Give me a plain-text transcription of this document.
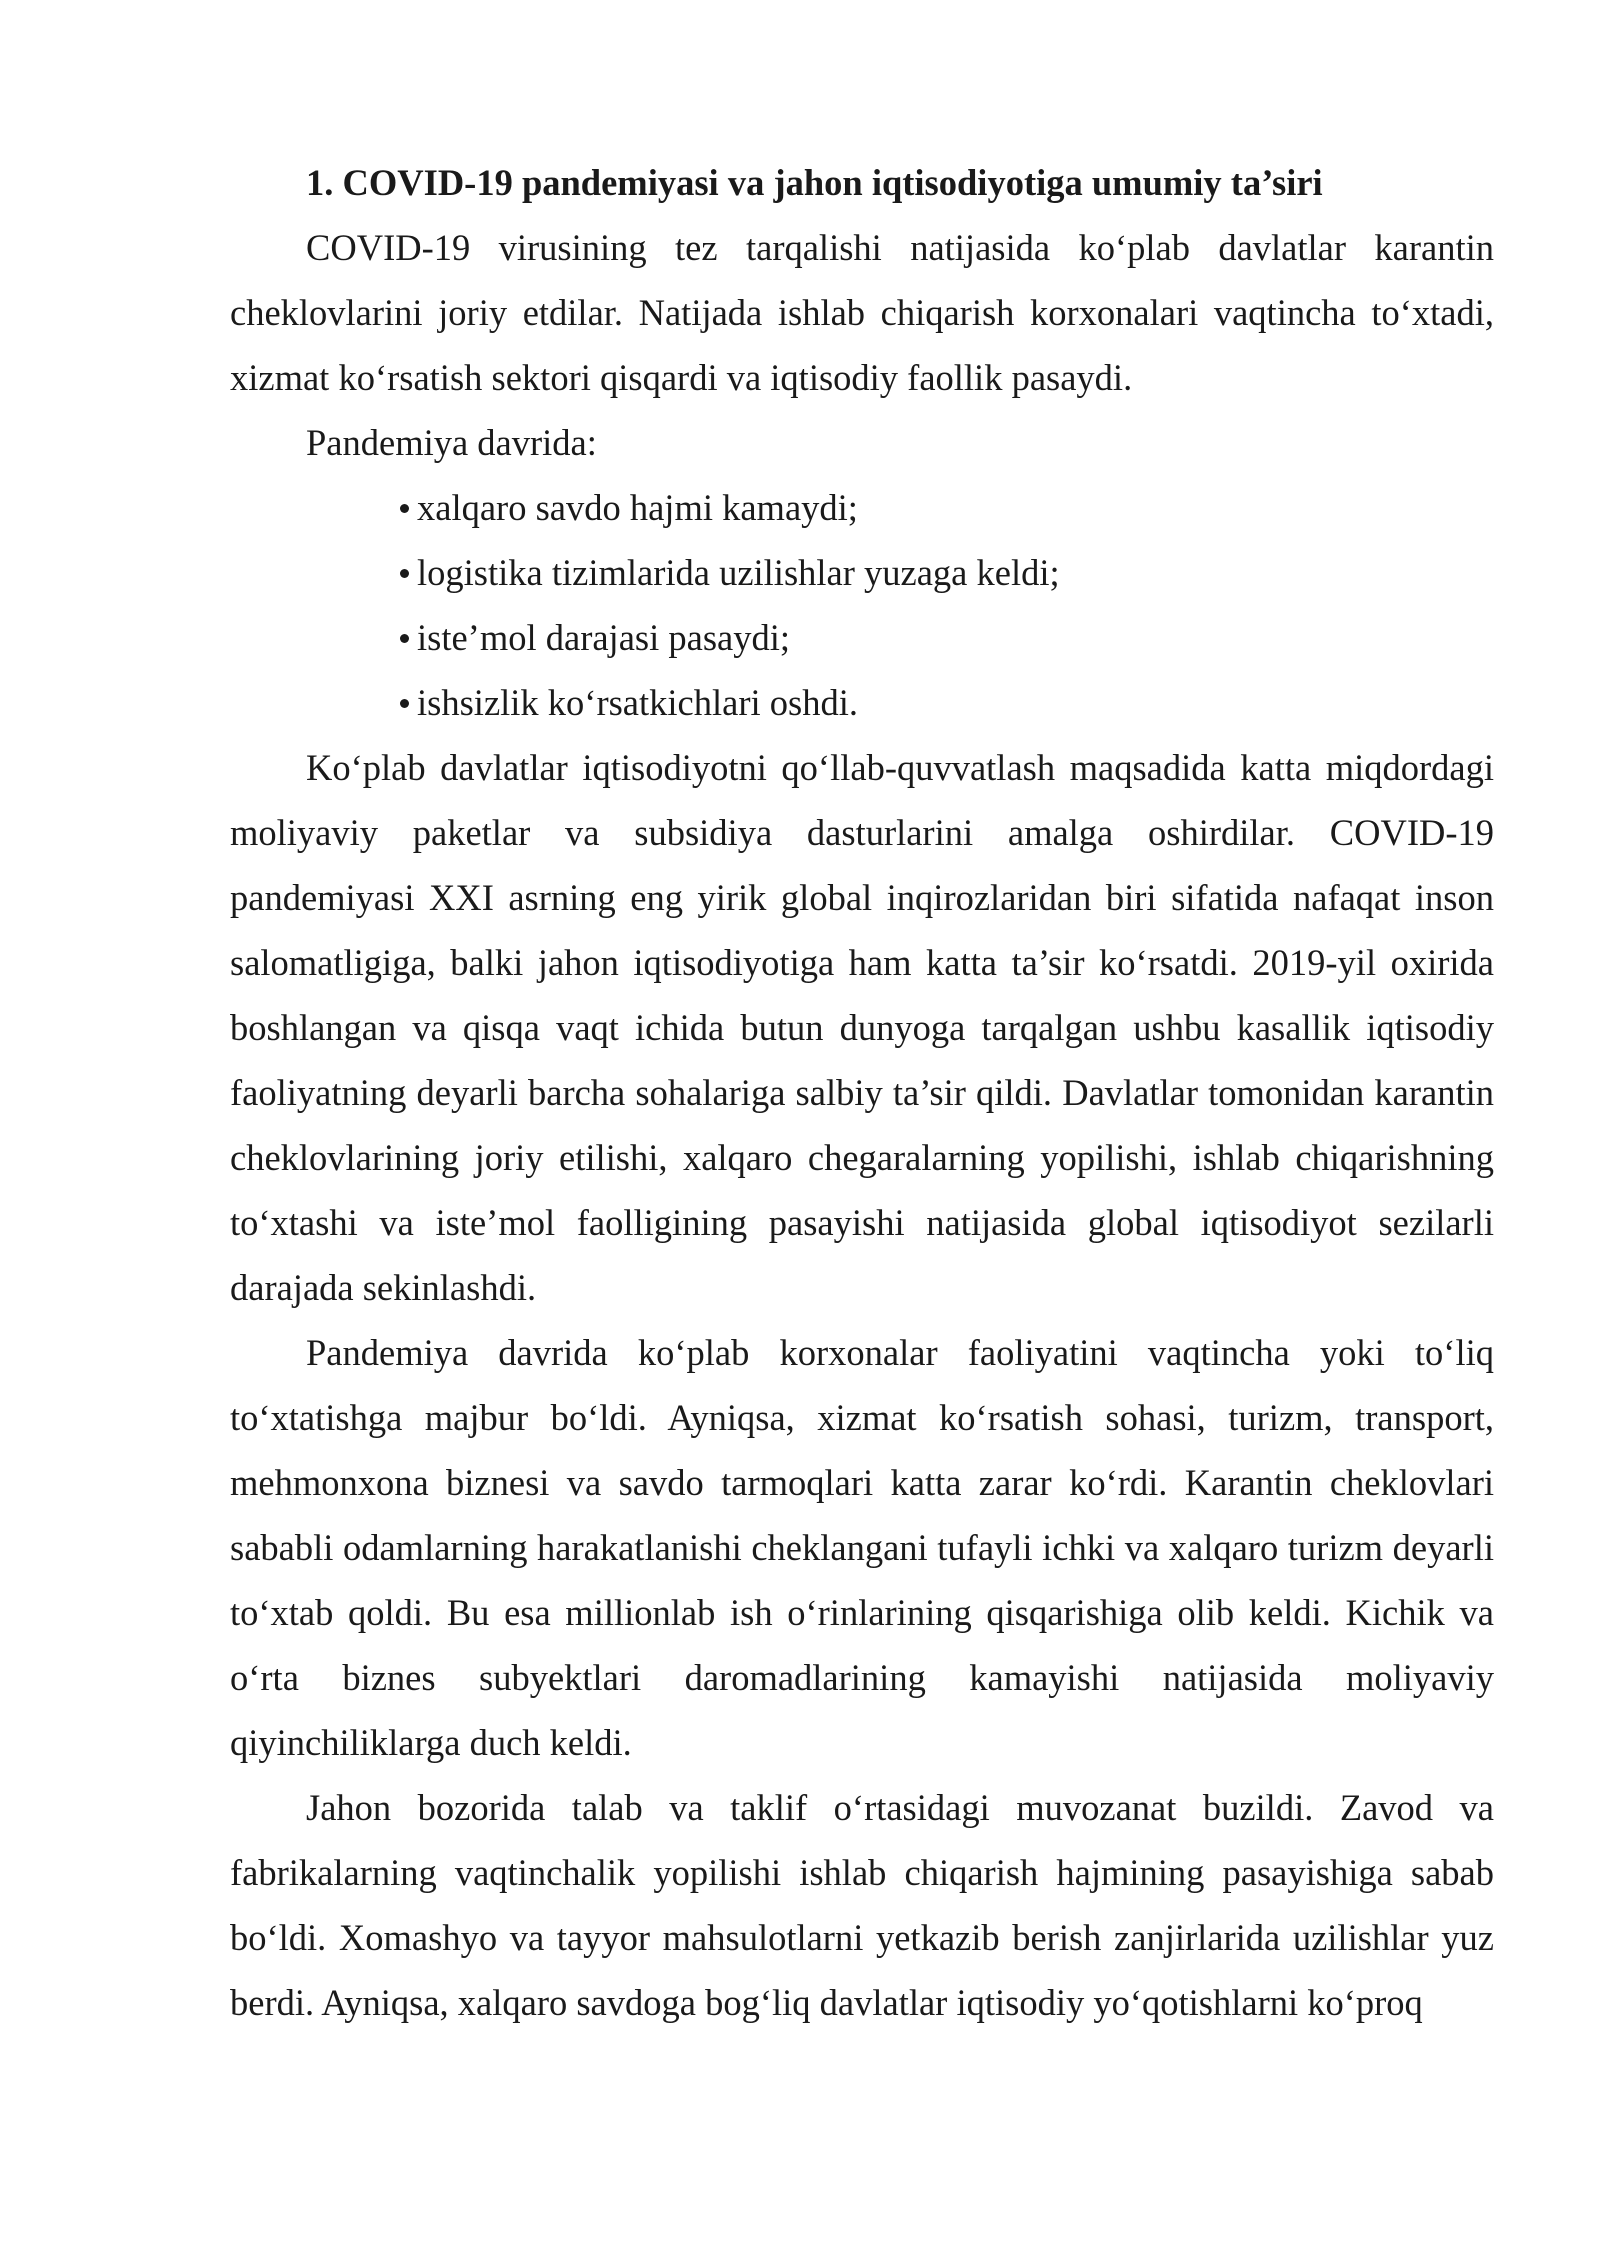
1. COVID-19 pandemiyasi va jahon iqtisodiyotiga umumiy ta’siri

COVID-19 virusining tez tarqalishi natijasida ko‘plab davlatlar karantin cheklovlarini joriy etdilar. Natijada ishlab chiqarish korxonalari vaqtincha to‘xtadi, xizmat ko‘rsatish sektori qisqardi va iqtisodiy faollik pasaydi.

Pandemiya davrida:

xalqaro savdo hajmi kamaydi;
logistika tizimlarida uzilishlar yuzaga keldi;
iste’mol darajasi pasaydi;
ishsizlik ko‘rsatkichlari oshdi.

Ko‘plab davlatlar iqtisodiyotni qo‘llab-quvvatlash maqsadida katta miqdordagi moliyaviy paketlar va subsidiya dasturlarini amalga oshirdilar. COVID-19 pandemiyasi XXI asrning eng yirik global inqirozlaridan biri sifatida nafaqat inson salomatligiga, balki jahon iqtisodiyotiga ham katta ta’sir ko‘rsatdi. 2019-yil oxirida boshlangan va qisqa vaqt ichida butun dunyoga tarqalgan ushbu kasallik iqtisodiy faoliyatning deyarli barcha sohalariga salbiy ta’sir qildi. Davlatlar tomonidan karantin cheklovlarining joriy etilishi, xalqaro chegaralarning yopilishi, ishlab chiqarishning to‘xtashi va iste’mol faolligining pasayishi natijasida global iqtisodiyot sezilarli darajada sekinlashdi.

Pandemiya davrida ko‘plab korxonalar faoliyatini vaqtincha yoki to‘liq to‘xtatishga majbur bo‘ldi. Ayniqsa, xizmat ko‘rsatish sohasi, turizm, transport, mehmonxona biznesi va savdo tarmoqlari katta zarar ko‘rdi. Karantin cheklovlari sababli odamlarning harakatlanishi cheklangani tufayli ichki va xalqaro turizm deyarli to‘xtab qoldi. Bu esa millionlab ish o‘rinlarining qisqarishiga olib keldi. Kichik va o‘rta biznes subyektlari daromadlarining kamayishi natijasida moliyaviy qiyinchiliklarga duch keldi.

Jahon bozorida talab va taklif o‘rtasidagi muvozanat buzildi. Zavod va fabrikalarning vaqtinchalik yopilishi ishlab chiqarish hajmining pasayishiga sabab bo‘ldi. Xomashyo va tayyor mahsulotlarni yetkazib berish zanjirlarida uzilishlar yuz berdi. Ayniqsa, xalqaro savdoga bog‘liq davlatlar iqtisodiy yo‘qotishlarni ko‘proq
